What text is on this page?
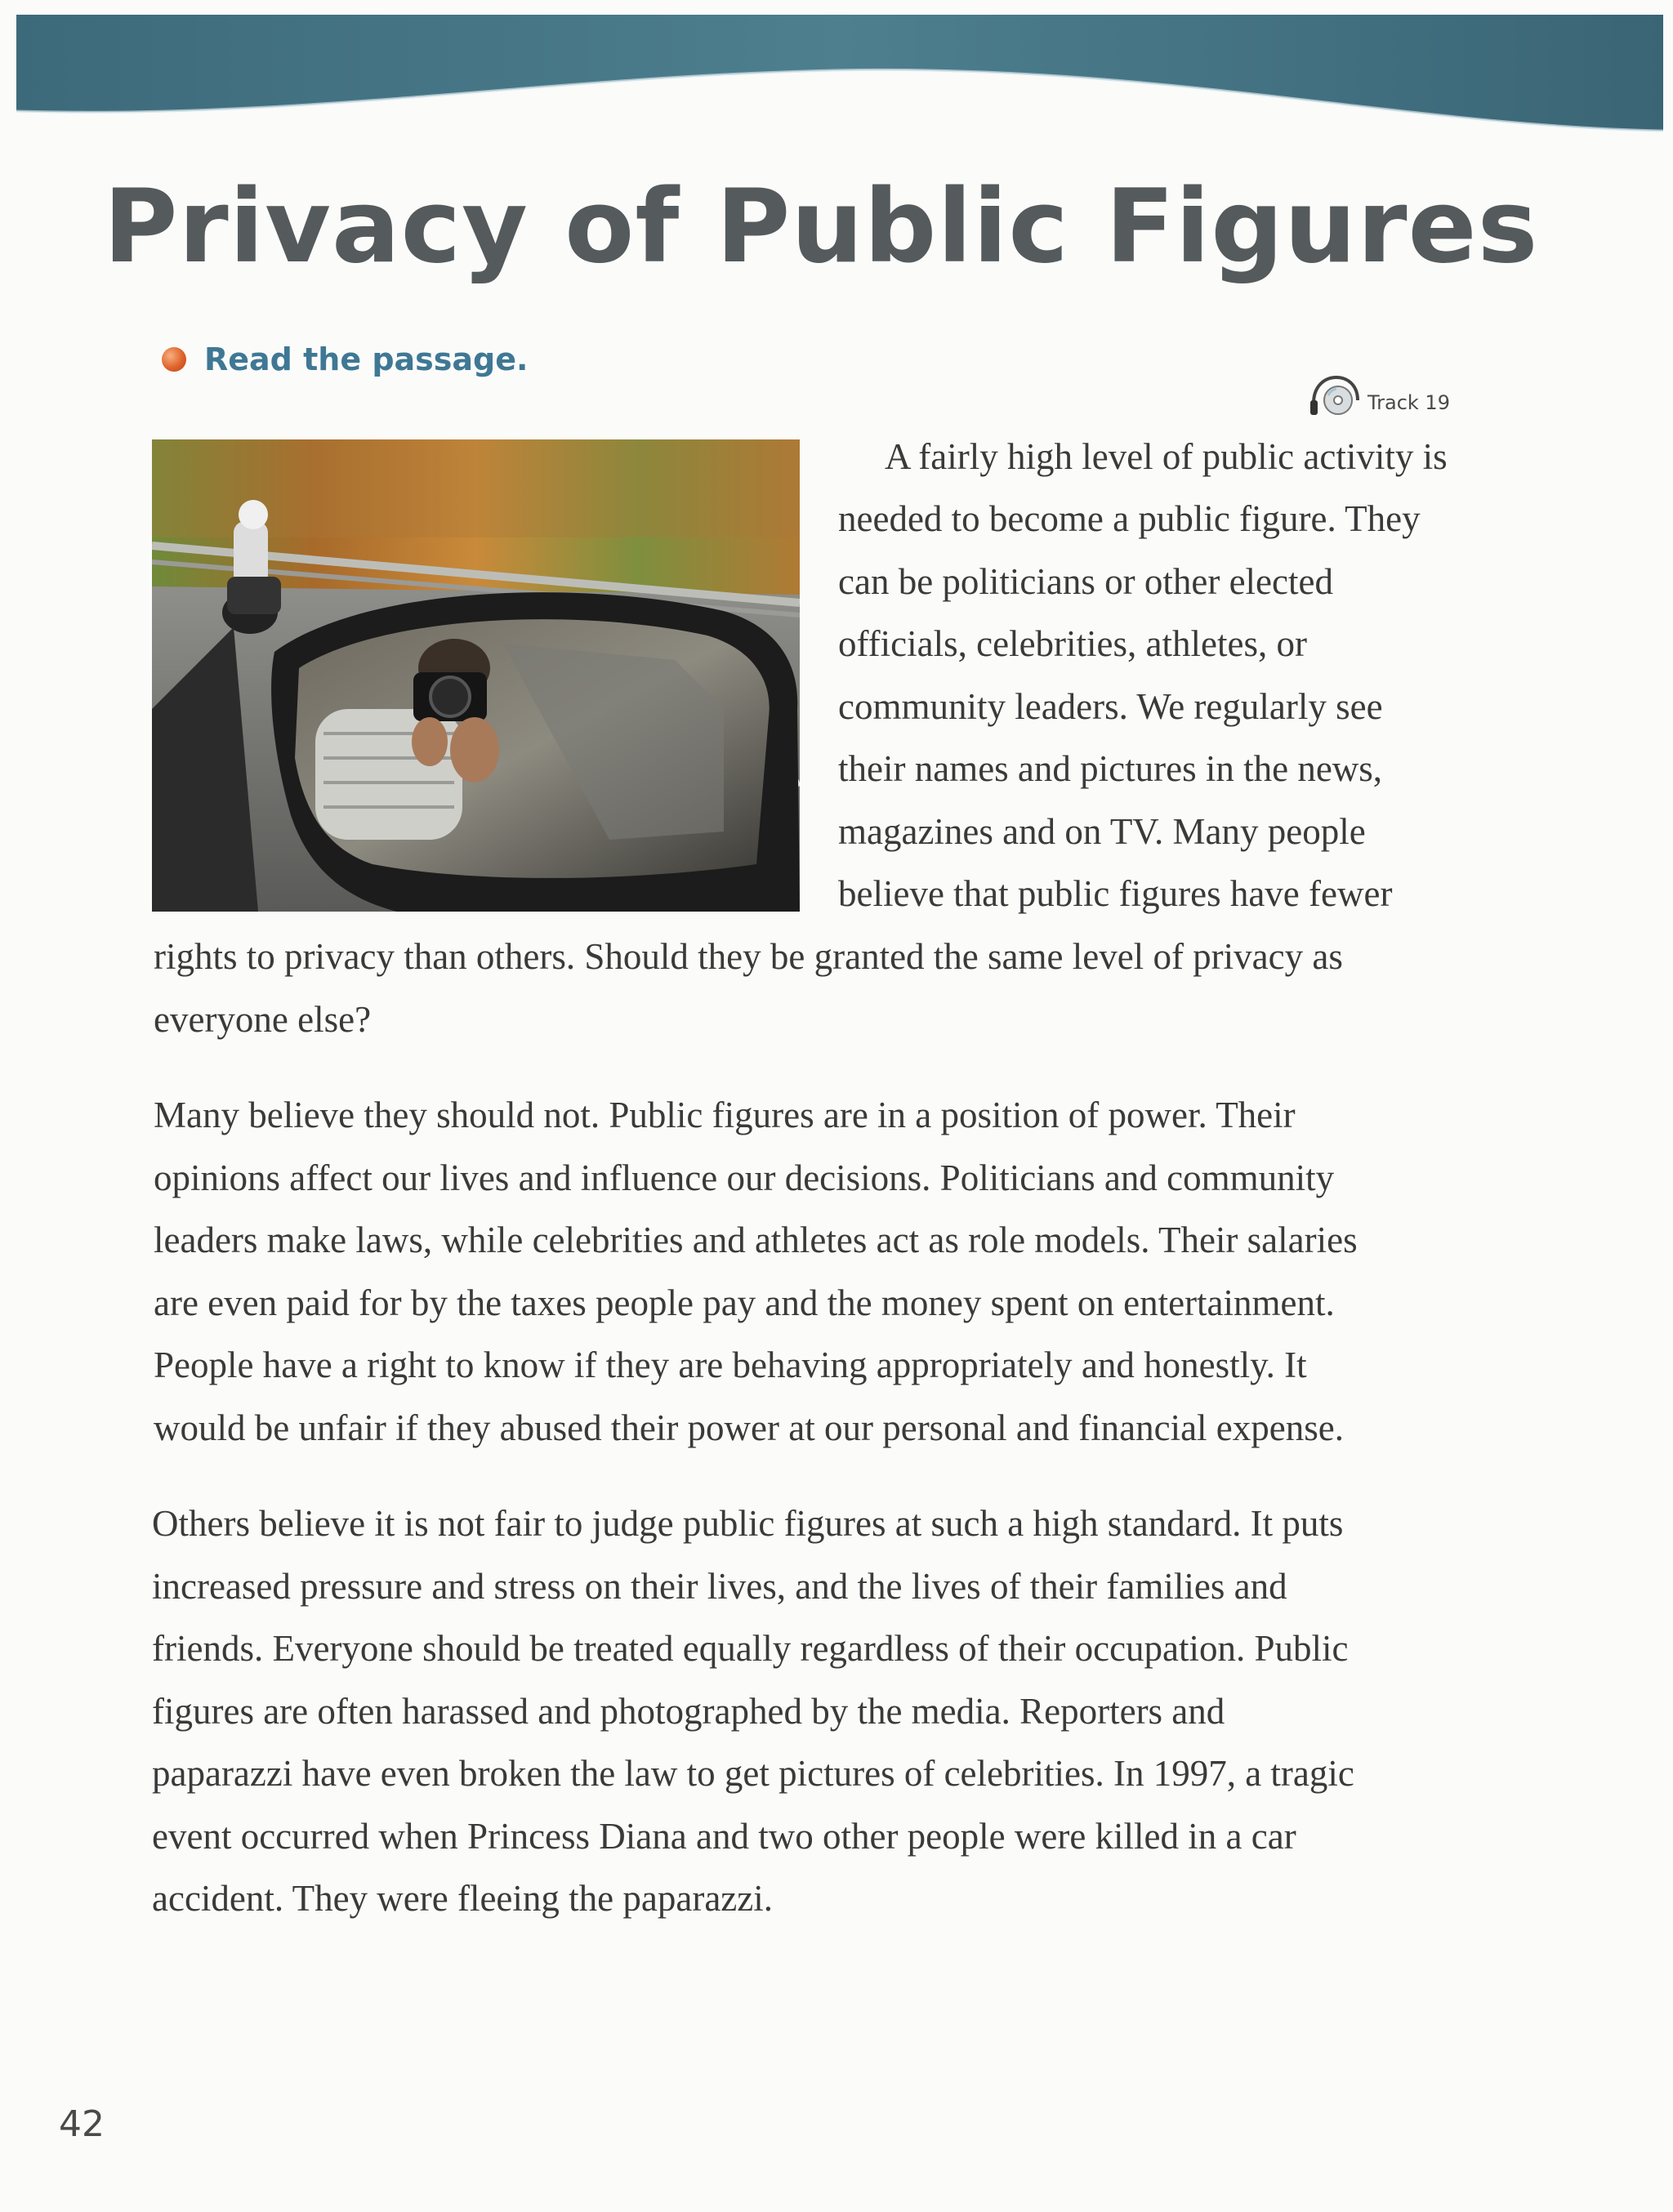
Privacy of Public Figures
Read the passage.
Track 19
A fairly high level of public activity is
needed to become a public figure. They
can be politicians or other elected
officials, celebrities, athletes, or
community leaders. We regularly see
their names and pictures in the news,
magazines and on TV. Many people
believe that public figures have fewer
rights to privacy than others. Should they be granted the same level of privacy as
everyone else?
Many believe they should not. Public figures are in a position of power. Their
opinions affect our lives and influence our decisions. Politicians and community
leaders make laws, while celebrities and athletes act as role models. Their salaries
are even paid for by the taxes people pay and the money spent on entertainment.
People have a right to know if they are behaving appropriately and honestly. It
would be unfair if they abused their power at our personal and financial expense.
Others believe it is not fair to judge public figures at such a high standard. It puts
increased pressure and stress on their lives, and the lives of their families and
friends. Everyone should be treated equally regardless of their occupation. Public
figures are often harassed and photographed by the media. Reporters and
paparazzi have even broken the law to get pictures of celebrities. In 1997, a tragic
event occurred when Princess Diana and two other people were killed in a car
accident. They were fleeing the paparazzi.
42
